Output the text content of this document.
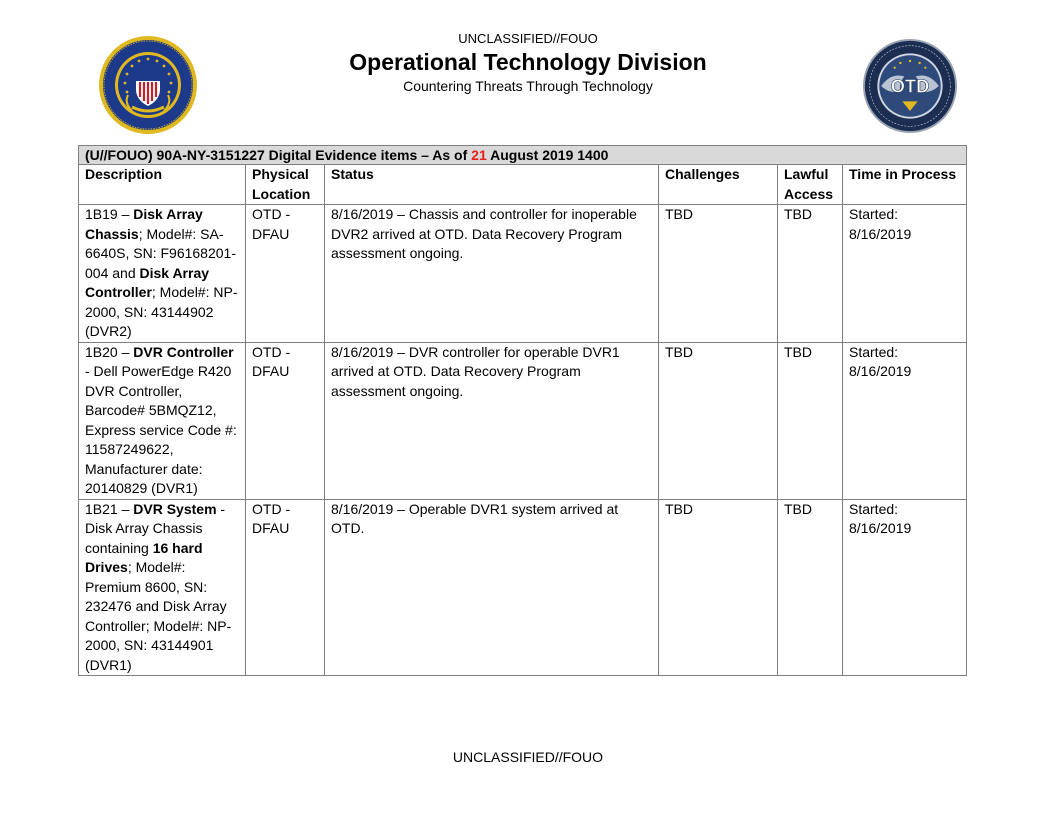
UNCLASSIFIED//FOUO
Operational Technology Division
Countering Threats Through Technology	OTD
(U//FOUO) 90A-NY-3151227 Digital Evidence items – As of 21 August 2019 1400					
Description	Physical Location	Status	Challenges	Lawful Access	Time in Process
1B19 – Disk Array Chassis; Model#: SA-6640S, SN: F96168201-004 and Disk Array Controller; Model#: NP-2000, SN: 43144902 (DVR2)	OTD - DFAU	8/16/2019 – Chassis and controller for inoperable DVR2 arrived at OTD. Data Recovery Program assessment ongoing.	TBD	TBD	Started: 8/16/2019
1B20 – DVR Controller - Dell PowerEdge R420 DVR Controller, Barcode# 5BMQZ12, Express service Code #: 11587249622, Manufacturer date: 20140829 (DVR1)	OTD - DFAU	8/16/2019 – DVR controller for operable DVR1 arrived at OTD. Data Recovery Program assessment ongoing.	TBD	TBD	Started: 8/16/2019
1B21 – DVR System - Disk Array Chassis containing 16 hard Drives; Model#: Premium 8600, SN: 232476 and Disk Array Controller; Model#: NP-2000, SN: 43144901 (DVR1)	OTD - DFAU	8/16/2019 – Operable DVR1 system arrived at OTD.	TBD	TBD	Started: 8/16/2019
UNCLASSIFIED//FOUO
